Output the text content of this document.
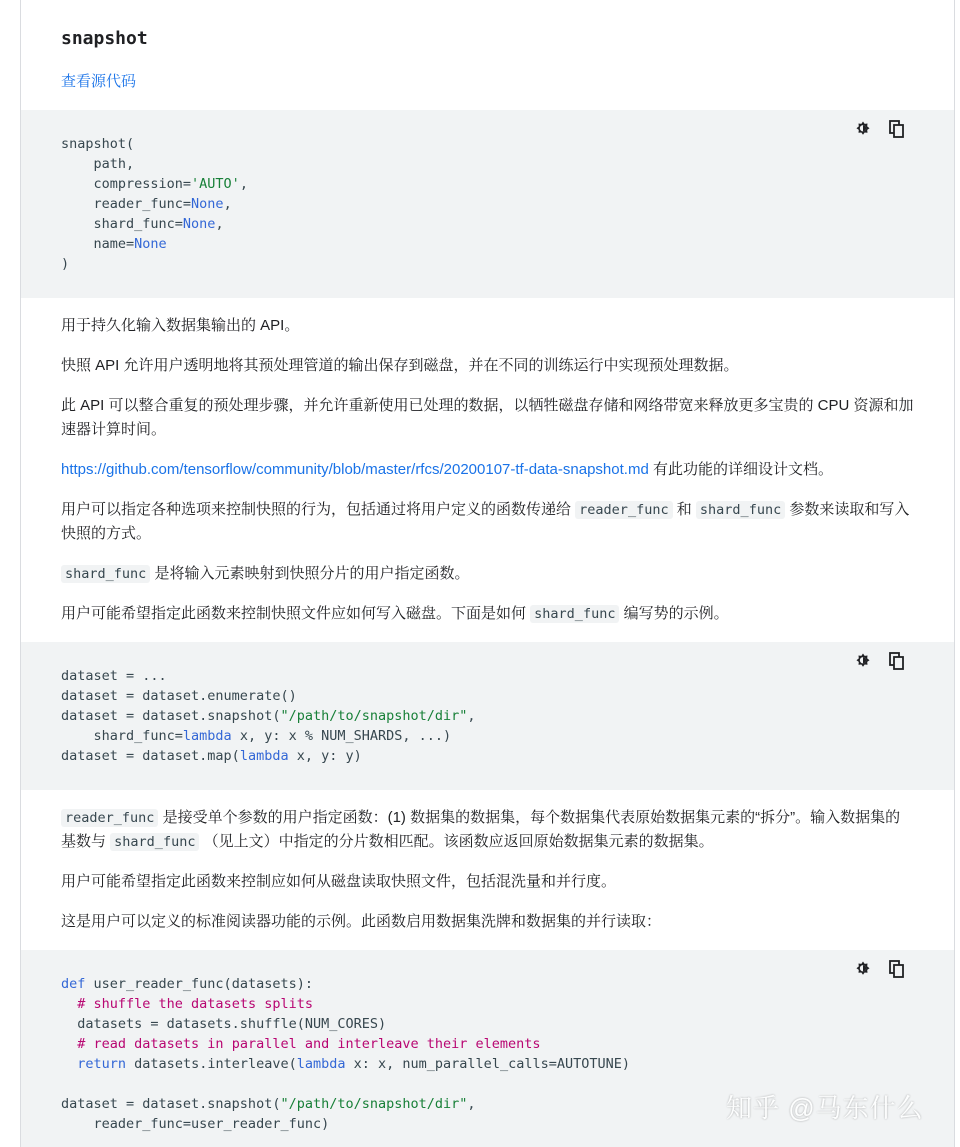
snapshot
查看源代码
snapshot(
path,
compression='AUTO',
reader_func=None,
shard_func=None,
name=None
)

用于持久化输入数据集输出的 API。

快照 API 允许用户透明地将其预处理管道的输出保存到磁盘，并在不同的训练运行中实现预处理数据。

此 API 可以整合重复的预处理步骤，并允许重新使用已处理的数据，以牺牲磁盘存储和网络带宽来释放更多宝贵的 CPU 资源和加速器计算时间。

https://github.com/tensorflow/community/blob/master/rfcs/20200107-tf-data-snapshot.md 有此功能的详细设计文档。

用户可以指定各种选项来控制快照的行为，包括通过将用户定义的函数传递给 reader_func 和 shard_func 参数来读取和写入快照的方式。

shard_func 是将输入元素映射到快照分片的用户指定函数。

用户可能希望指定此函数来控制快照文件应如何写入磁盘。下面是如何 shard_func 编写势的示例。

dataset = ...
dataset = dataset.enumerate()
dataset = dataset.snapshot("/path/to/snapshot/dir",
shard_func=lambda x, y: x % NUM_SHARDS, ...)
dataset = dataset.map(lambda x, y: y)

reader_func 是接受单个参数的用户指定函数：(1) 数据集的数据集，每个数据集代表原始数据集元素的“拆分”。输入数据集的基数与 shard_func （见上文）中指定的分片数相匹配。该函数应返回原始数据集元素的数据集。

用户可能希望指定此函数来控制应如何从磁盘读取快照文件，包括混洗量和并行度。

这是用户可以定义的标准阅读器功能的示例。此函数启用数据集洗牌和数据集的并行读取：

def user_reader_func(datasets):
# shuffle the datasets splits
datasets = datasets.shuffle(NUM_CORES)
# read datasets in parallel and interleave their elements
return datasets.interleave(lambda x: x, num_parallel_calls=AUTOTUNE)

dataset = dataset.snapshot("/path/to/snapshot/dir",
reader_func=user_reader_func)
知乎 @马东什么
